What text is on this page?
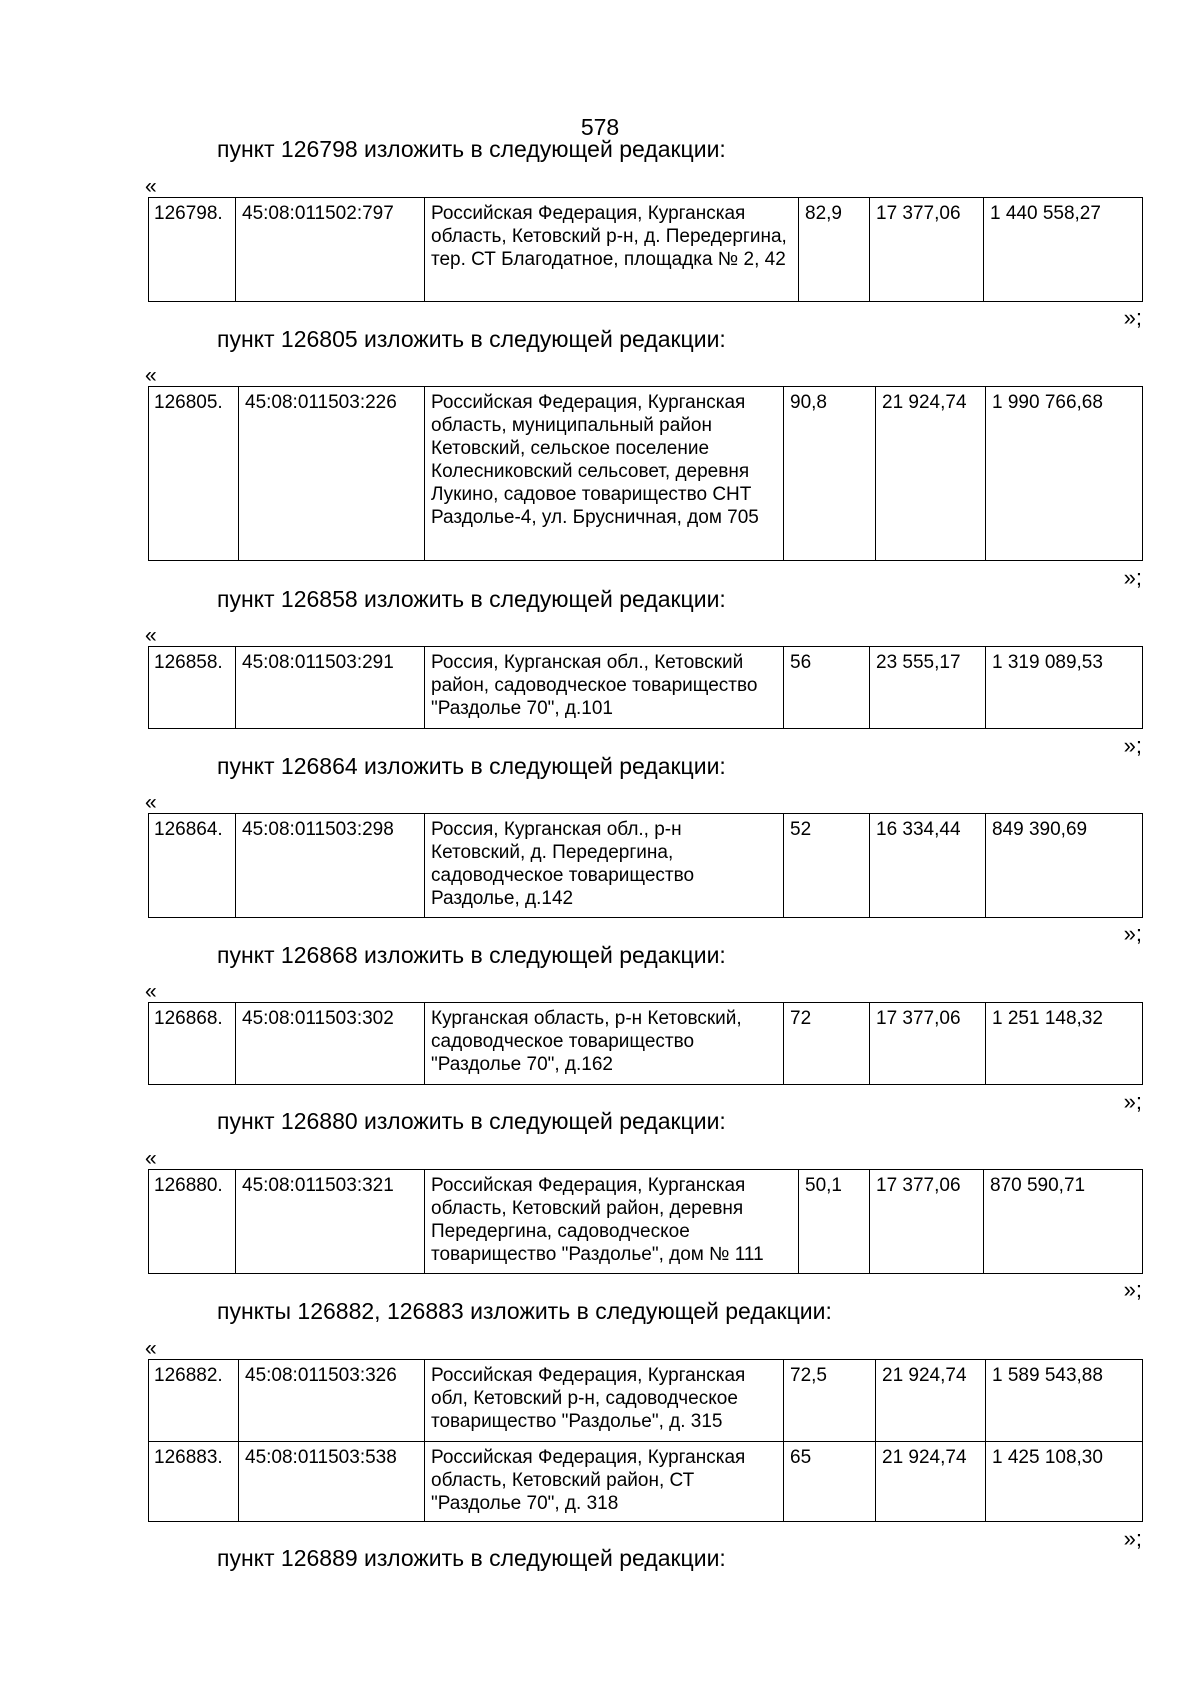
578
пункт 126798 изложить в следующей редакции:
«
126798.	45:08:011502:797	Российская Федерация, Курганская область, Кетовский р-н, д. Передергина, тер. СТ Благодатное, площадка № 2, 42	82,9	17 377,06	1 440 558,27
»;
пункт 126805 изложить в следующей редакции:
«
126805.	45:08:011503:226	Российская Федерация, Курганская область, муниципальный район Кетовский, сельское поселение Колесниковский сельсовет, деревня Лукино, садовое товарищество СНТ Раздолье-4, ул. Брусничная, дом 705	90,8	21 924,74	1 990 766,68
»;
пункт 126858 изложить в следующей редакции:
«
126858.	45:08:011503:291	Россия, Курганская обл., Кетовский район, садоводческое товарищество "Раздолье 70", д.101	56	23 555,17	1 319 089,53
»;
пункт 126864 изложить в следующей редакции:
«
126864.	45:08:011503:298	Россия, Курганская обл., р-н Кетовский, д. Передергина, садоводческое товарищество Раздолье, д.142	52	16 334,44	849 390,69
»;
пункт 126868 изложить в следующей редакции:
«
126868.	45:08:011503:302	Курганская область, р-н Кетовский, садоводческое товарищество "Раздолье 70", д.162	72	17 377,06	1 251 148,32
»;
пункт 126880 изложить в следующей редакции:
«
126880.	45:08:011503:321	Российская Федерация, Курганская область, Кетовский район, деревня Передергина, садоводческое товарищество "Раздолье", дом № 111	50,1	17 377,06	870 590,71
»;
пункты 126882, 126883 изложить в следующей редакции:
«
126882.	45:08:011503:326	Российская Федерация, Курганская обл, Кетовский р-н, садоводческое товарищество "Раздолье", д. 315	72,5	21 924,74	1 589 543,88
126883.	45:08:011503:538	Российская Федерация, Курганская область, Кетовский район, СТ "Раздолье 70", д. 318	65	21 924,74	1 425 108,30
»;
пункт 126889 изложить в следующей редакции:
